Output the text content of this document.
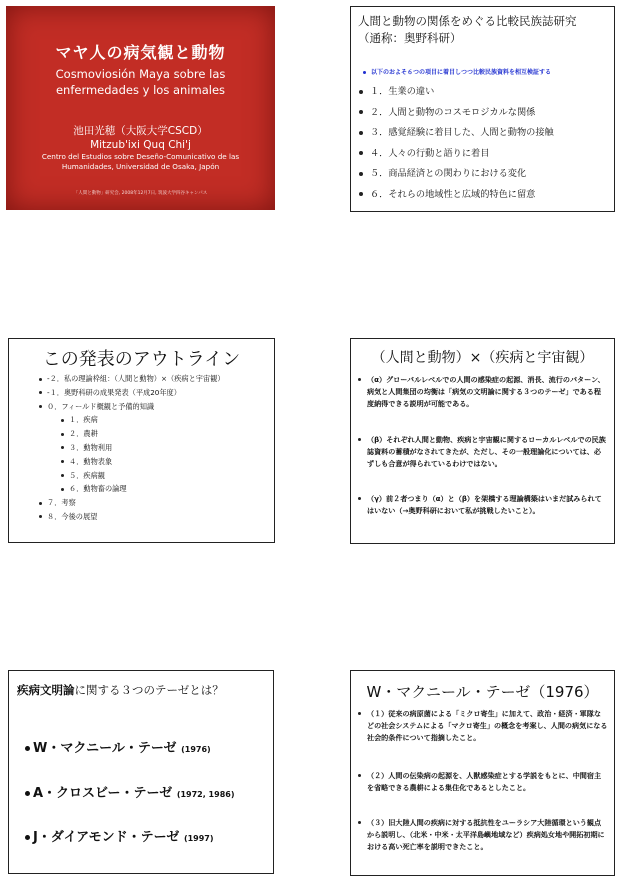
マヤ人の病気観と動物
Cosmoviosión Maya sobre las
enfermedades y los animales
池田光穂（大阪大学CSCD）
Mitzub'ixi Quq Chi'j
Centro del Estudios sobre Deseño-Comunicativo de las
Humanidades, Universidad de Osaka, Japón
「人間と動物」研究会, 2008年12月7日, 筑波大学四谷キャンパス
人間と動物の関係をめぐる比較民族誌研究
（通称：奥野科研）
以下のおよそ６つの項目に着目しつつ比較民族資料を相互検証する
１．生業の違い
２．人間と動物のコスモロジカルな関係
３．感覚経験に着目した、人間と動物の接触
４．人々の行動と語りに着目
５．商品経済との関わりにおける変化
６．それらの地域性と広域的特色に留意
この発表のアウトライン
-２．私の理論枠組：（人間と動物）×（疾病と宇宙観）
-１．奥野科研の成果発表（平成20年度）
０．フィールド概観と予備的知識
１．疾病
２．農耕
３．動物利用
４．動物表象
５．疾病観
６．動物畜の論理
７．考察
８．今後の展望
（人間と動物）×（疾病と宇宙観）
（α）グローバルレベルでの人間の感染症の起源、消長、流行のパターン、病気と人間集団の均衡は「病気の文明論に関する３つのテーゼ」である程度納得できる説明が可能である。
（β）それぞれ人間と動物、疾病と宇宙観に関するローカルレベルでの民族誌資料の蓄積がなされてきたが、ただし、その一般理論化については、必ずしも合意が得られているわけではない。
（γ）前２者つまり（α）と（β）を架橋する理論構築はいまだ試みられてはいない（→奥野科研において私が挑戦したいこと）。
疾病文明論に関する３つのテーゼとは？
W・マクニール・テーゼ (1976)
A・クロスビー・テーゼ (1972, 1986)
J・ダイアモンド・テーゼ (1997)
W・マクニール・テーゼ（1976）
（１）従来の病原菌による「ミクロ寄生」に加えて、政治・経済・軍隊などの社会システムによる「マクロ寄生」の概念を考案し、人間の病気になる社会的条件について指摘したこと。
（２）人間の伝染病の起源を、人獣感染症とする学説をもとに、中間宿主を省略できる農耕による集住化であるとしたこと。
（３）旧大陸人間の疾病に対する抵抗性をユーラシア大陸循環という観点から説明し、（北米・中米・太平洋島嶼地域など）疾病処女地や開拓初期における高い死亡率を説明できたこと。
